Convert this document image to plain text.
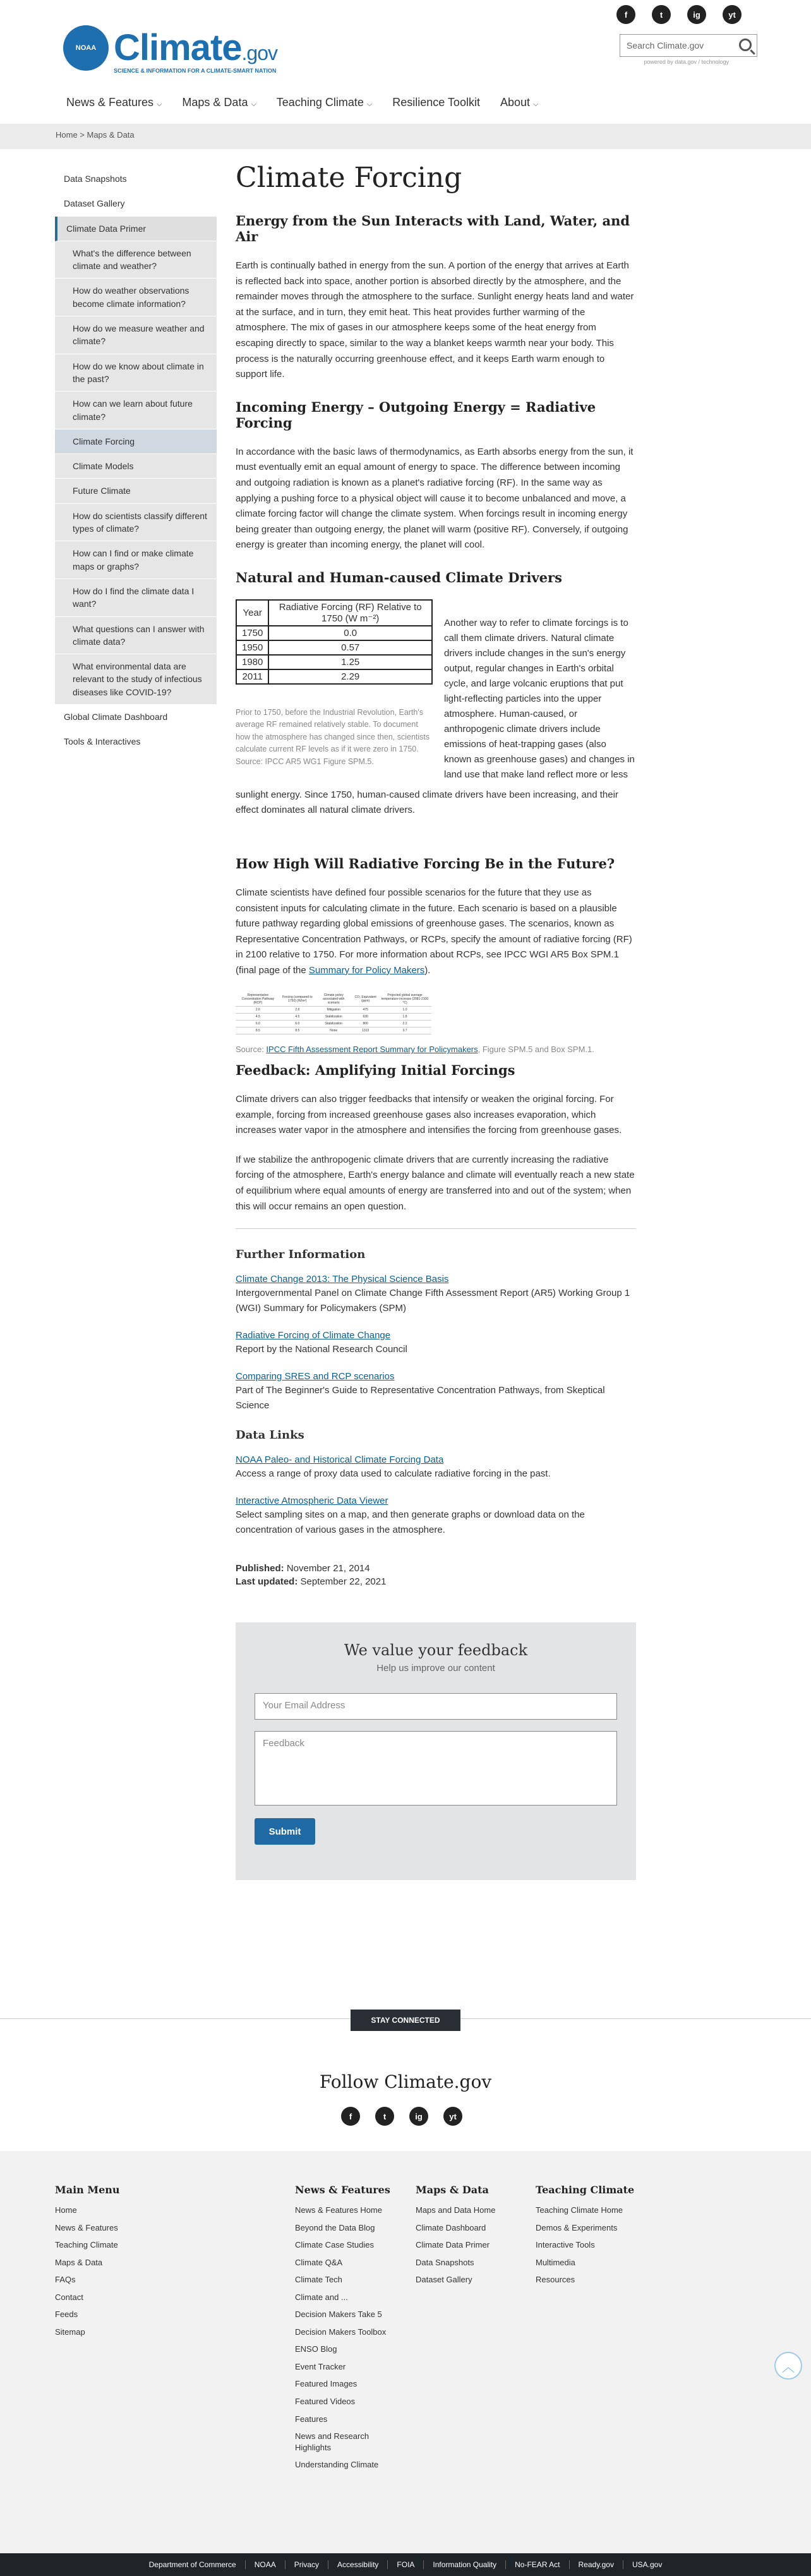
NOAA Climate.gov
SCIENCE & INFORMATION FOR A CLIMATE-SMART NATION
f	t	ig	yt
Search Climate.gov
powered by data.gov / technology
News & Features ⌵ Maps & Data ⌵ Teaching Climate ⌵ Resilience Toolkit About ⌵
Home > Maps & Data
Data Snapshots
Dataset Gallery
Climate Data Primer
What's the difference between climate and weather?
How do weather observations become climate information?
How do we measure weather and climate?
How do we know about climate in the past?
How can we learn about future climate?
Climate Forcing
Climate Models
Future Climate
How do scientists classify different types of climate?
How can I find or make climate maps or graphs?
How do I find the climate data I want?
What questions can I answer with climate data?
What environmental data are relevant to the study of infectious diseases like COVID-19?
Global Climate Dashboard
Tools & Interactives
Climate Forcing
Energy from the Sun Interacts with Land, Water, and Air

Earth is continually bathed in energy from the sun. A portion of the energy that arrives at Earth is reflected back into space, another portion is absorbed directly by the atmosphere, and the remainder moves through the atmosphere to the surface. Sunlight energy heats land and water at the surface, and in turn, they emit heat. This heat provides further warming of the atmosphere. The mix of gases in our atmosphere keeps some of the heat energy from escaping directly to space, similar to the way a blanket keeps warmth near your body. This process is the naturally occurring greenhouse effect, and it keeps Earth warm enough to support life.

Incoming Energy – Outgoing Energy = Radiative Forcing

In accordance with the basic laws of thermodynamics, as Earth absorbs energy from the sun, it must eventually emit an equal amount of energy to space. The difference between incoming and outgoing radiation is known as a planet's radiative forcing (RF). In the same way as applying a pushing force to a physical object will cause it to become unbalanced and move, a climate forcing factor will change the climate system. When forcings result in incoming energy being greater than outgoing energy, the planet will warm (positive RF). Conversely, if outgoing energy is greater than incoming energy, the planet will cool.

Natural and Human-caused Climate Drivers
Year	Radiative Forcing (RF) Relative to 1750 (W m⁻²)
1750	0.0
1950	0.57
1980	1.25
2011	2.29
Prior to 1750, before the Industrial Revolution, Earth's average RF remained relatively stable. To document how the atmosphere has changed since then, scientists calculate current RF levels as if it were zero in 1750. Source: IPCC AR5 WG1 Figure SPM.5.
Another way to refer to climate forcings is to call them climate drivers. Natural climate drivers include changes in the sun's energy output, regular changes in Earth's orbital cycle, and large volcanic eruptions that put light-reflecting particles into the upper atmosphere. Human-caused, or anthropogenic climate drivers include emissions of heat-trapping gases (also known as greenhouse gases) and changes in land use that make land reflect more or less
sunlight energy. Since 1750, human-caused climate drivers have been increasing, and their effect dominates all natural climate drivers.
How High Will Radiative Forcing Be in the Future?

Climate scientists have defined four possible scenarios for the future that they use as consistent inputs for calculating climate in the future. Each scenario is based on a plausible future pathway regarding global emissions of greenhouse gases. The scenarios, known as Representative Concentration Pathways, or RCPs, specify the amount of radiative forcing (RF) in 2100 relative to 1750. For more information about RCPs, see IPCC WGI AR5 Box SPM.1 (final page of the Summary for Policy Makers).

Representative Concentration Pathway (RCP)	Forcing (compared to 1750) (W/m²)	Climate policy associated with scenario	CO₂ Equivalent (ppm)	Projected global average temperature increase (2081-2100 °C)
2.6	2.6	Mitigation	475	1.0
4.5	4.5	Stabilization	630	1.8
6.0	6.0	Stabilization	800	2.2
8.5	8.5	None	1313	3.7
Source: IPCC Fifth Assessment Report Summary for Policymakers, Figure SPM.5 and Box SPM.1.
Feedback: Amplifying Initial Forcings

Climate drivers can also trigger feedbacks that intensify or weaken the original forcing. For example, forcing from increased greenhouse gases also increases evaporation, which increases water vapor in the atmosphere and intensifies the forcing from greenhouse gases.

If we stabilize the anthropogenic climate drivers that are currently increasing the radiative forcing of the atmosphere, Earth's energy balance and climate will eventually reach a new state of equilibrium where equal amounts of energy are transferred into and out of the system; when this will occur remains an open question.

Further Information
Climate Change 2013: The Physical Science Basis
Intergovernmental Panel on Climate Change Fifth Assessment Report (AR5) Working Group 1 (WGI) Summary for Policymakers (SPM)
Radiative Forcing of Climate Change
Report by the National Research Council
Comparing SRES and RCP scenarios
Part of The Beginner's Guide to Representative Concentration Pathways, from Skeptical Science
Data Links
NOAA Paleo- and Historical Climate Forcing Data
Access a range of proxy data used to calculate radiative forcing in the past.
Interactive Atmospheric Data Viewer
Select sampling sites on a map, and then generate graphs or download data on the concentration of various gases in the atmosphere.
Published: November 21, 2014
Last updated: September 22, 2021
We value your feedback
Help us improve our content
Your Email Address
Feedback
Submit
STAY CONNECTED
Follow Climate.gov
f	t	ig	yt
Main Menu
Home
News & Features
Teaching Climate
Maps & Data
FAQs
Contact
Feeds
Sitemap
News & Features
News & Features Home
Beyond the Data Blog
Climate Case Studies
Climate Q&A
Climate Tech
Climate and ...
Decision Makers Take 5
Decision Makers Toolbox
ENSO Blog
Event Tracker
Featured Images
Featured Videos
Features
News and Research Highlights
Understanding Climate
Maps & Data
Maps and Data Home
Climate Dashboard
Climate Data Primer
Data Snapshots
Dataset Gallery
Teaching Climate
Teaching Climate Home
Demos & Experiments
Interactive Tools
Multimedia
Resources
︿
Department of Commerce	NOAA	Privacy	Accessibility	FOIA	Information Quality	No-FEAR Act	Ready.gov	USA.gov
